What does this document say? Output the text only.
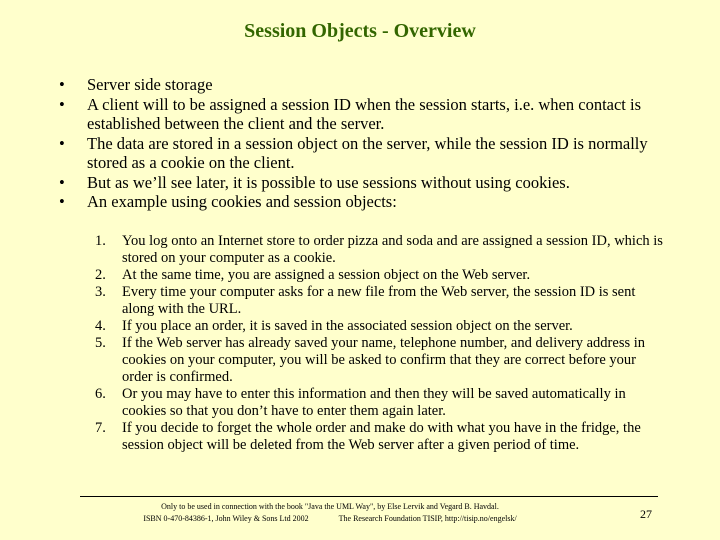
Session Objects - Overview
• Server side storage
• A client will to be assigned a session ID when the session starts, i.e. when contact is established between the client and the server.
• The data are stored in a session object on the server, while the session ID is normally stored as a cookie on the client.
• But as we’ll see later, it is possible to use sessions without using cookies.
• An example using cookies and session objects:
1. You log onto an Internet store to order pizza and soda and are assigned a session ID, which is stored on your computer as a cookie.
2. At the same time, you are assigned a session object on the Web server.
3. Every time your computer asks for a new file from the Web server, the session ID is sent along with the URL.
4. If you place an order, it is saved in the associated session object on the server.
5. If the Web server has already saved your name, telephone number, and delivery address in cookies on your computer, you will be asked to confirm that they are correct before your order is confirmed.
6. Or you may have to enter this information and then they will be saved automatically in cookies so that you don’t have to enter them again later.
7. If you decide to forget the whole order and make do with what you have in the fridge, the session object will be deleted from the Web server after a given period of time.
Only to be used in connection with the book "Java the UML Way", by Else Lervik and Vegard B. Havdal.
ISBN 0-470-84386-1, John Wiley & Sons Ltd 2002	The Research Foundation TISIP, http://tisip.no/engelsk/	27
